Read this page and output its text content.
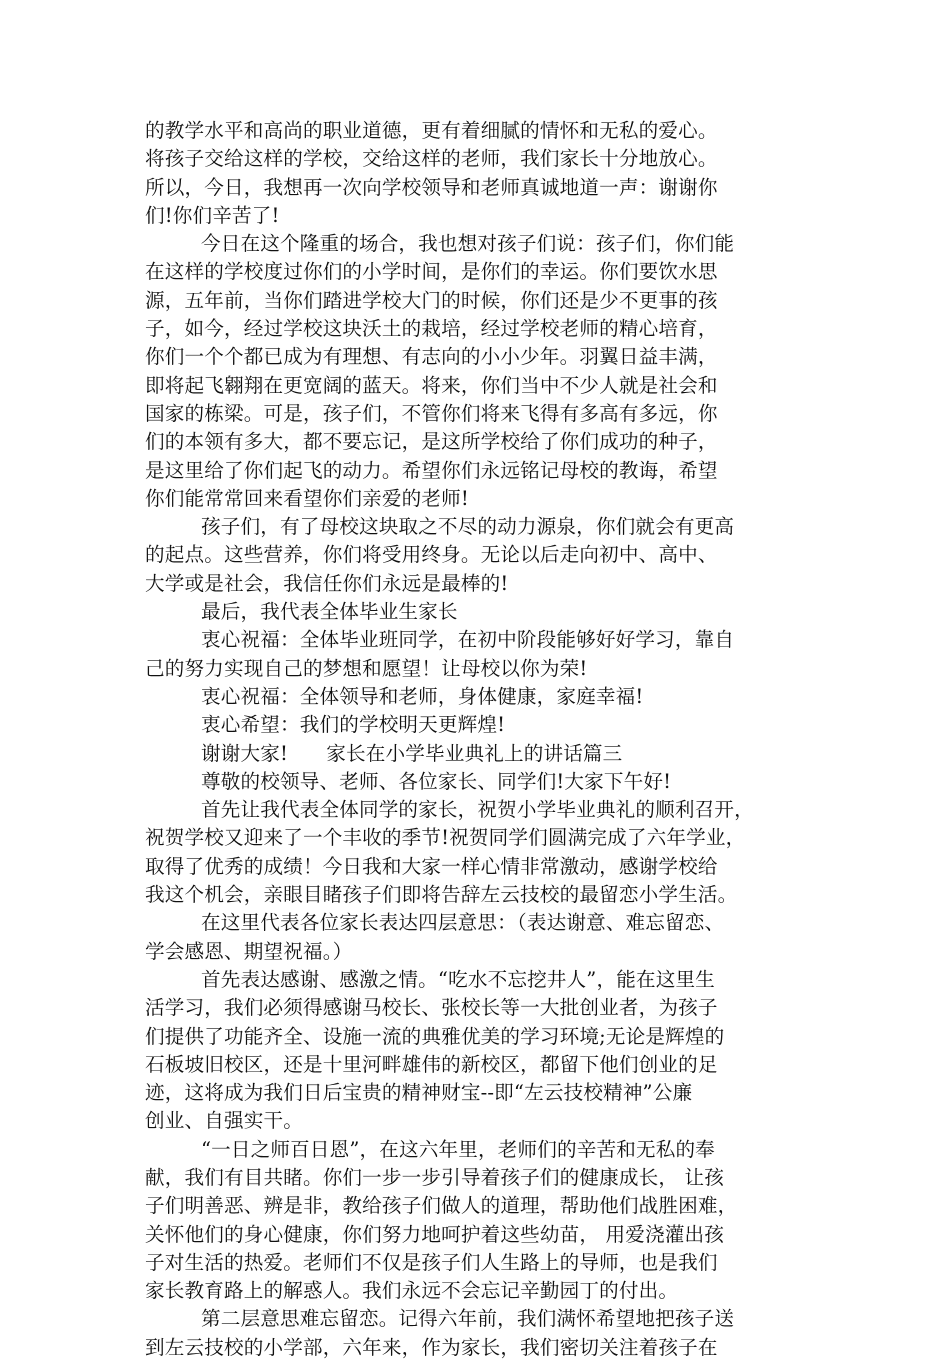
的教学水平和高尚的职业道德，更有着细腻的情怀和无私的爱心。
将孩子交给这样的学校，交给这样的老师，我们家长十分地放心。
所以，今日，我想再一次向学校领导和老师真诚地道一声：谢谢你
们!你们辛苦了!
今日在这个隆重的场合，我也想对孩子们说：孩子们，你们能
在这样的学校度过你们的小学时间，是你们的幸运。你们要饮水思
源，五年前，当你们踏进学校大门的时候，你们还是少不更事的孩
子，如今，经过学校这块沃土的栽培，经过学校老师的精心培育，
你们一个个都已成为有理想、有志向的小小少年。羽翼日益丰满，
即将起飞翱翔在更宽阔的蓝天。将来，你们当中不少人就是社会和
国家的栋梁。可是，孩子们，不管你们将来飞得有多高有多远，你
们的本领有多大，都不要忘记，是这所学校给了你们成功的种子，
是这里给了你们起飞的动力。希望你们永远铭记母校的教诲，希望
你们能常常回来看望你们亲爱的老师!
孩子们，有了母校这块取之不尽的动力源泉，你们就会有更高
的起点。这些营养，你们将受用终身。无论以后走向初中、高中、
大学或是社会，我信任你们永远是最棒的!
最后，我代表全体毕业生家长
衷心祝福：全体毕业班同学，在初中阶段能够好好学习，靠自
己的努力实现自己的梦想和愿望！让母校以你为荣!
衷心祝福：全体领导和老师，身体健康，家庭幸福!
衷心希望：我们的学校明天更辉煌!
谢谢大家!      家长在小学毕业典礼上的讲话篇三
尊敬的校领导、老师、各位家长、同学们!大家下午好!
首先让我代表全体同学的家长，祝贺小学毕业典礼的顺利召开，
祝贺学校又迎来了一个丰收的季节!祝贺同学们圆满完成了六年学业，
取得了优秀的成绩！今日我和大家一样心情非常激动，感谢学校给
我这个机会，亲眼目睹孩子们即将告辞左云技校的最留恋小学生活。
在这里代表各位家长表达四层意思：（表达谢意、难忘留恋、
学会感恩、期望祝福。）
首先表达感谢、感激之情。“吃水不忘挖井人”，能在这里生
活学习，我们必须得感谢马校长、张校长等一大批创业者，为孩子
们提供了功能齐全、设施一流的典雅优美的学习环境;无论是辉煌的
石板坡旧校区，还是十里河畔雄伟的新校区，都留下他们创业的足
迹，这将成为我们日后宝贵的精神财宝--即“左云技校精神”公廉
创业、自强实干。
“一日之师百日恩”，在这六年里，老师们的辛苦和无私的奉
献，我们有目共睹。你们一步一步引导着孩子们的健康成长， 让孩
子们明善恶、辨是非，教给孩子们做人的道理，帮助他们战胜困难，
关怀他们的身心健康，你们努力地呵护着这些幼苗， 用爱浇灌出孩
子对生活的热爱。老师们不仅是孩子们人生路上的导师，也是我们
家长教育路上的解惑人。我们永远不会忘记辛勤园丁的付出。
第二层意思难忘留恋。记得六年前，我们满怀希望地把孩子送
到左云技校的小学部，六年来，作为家长，我们密切关注着孩子在
